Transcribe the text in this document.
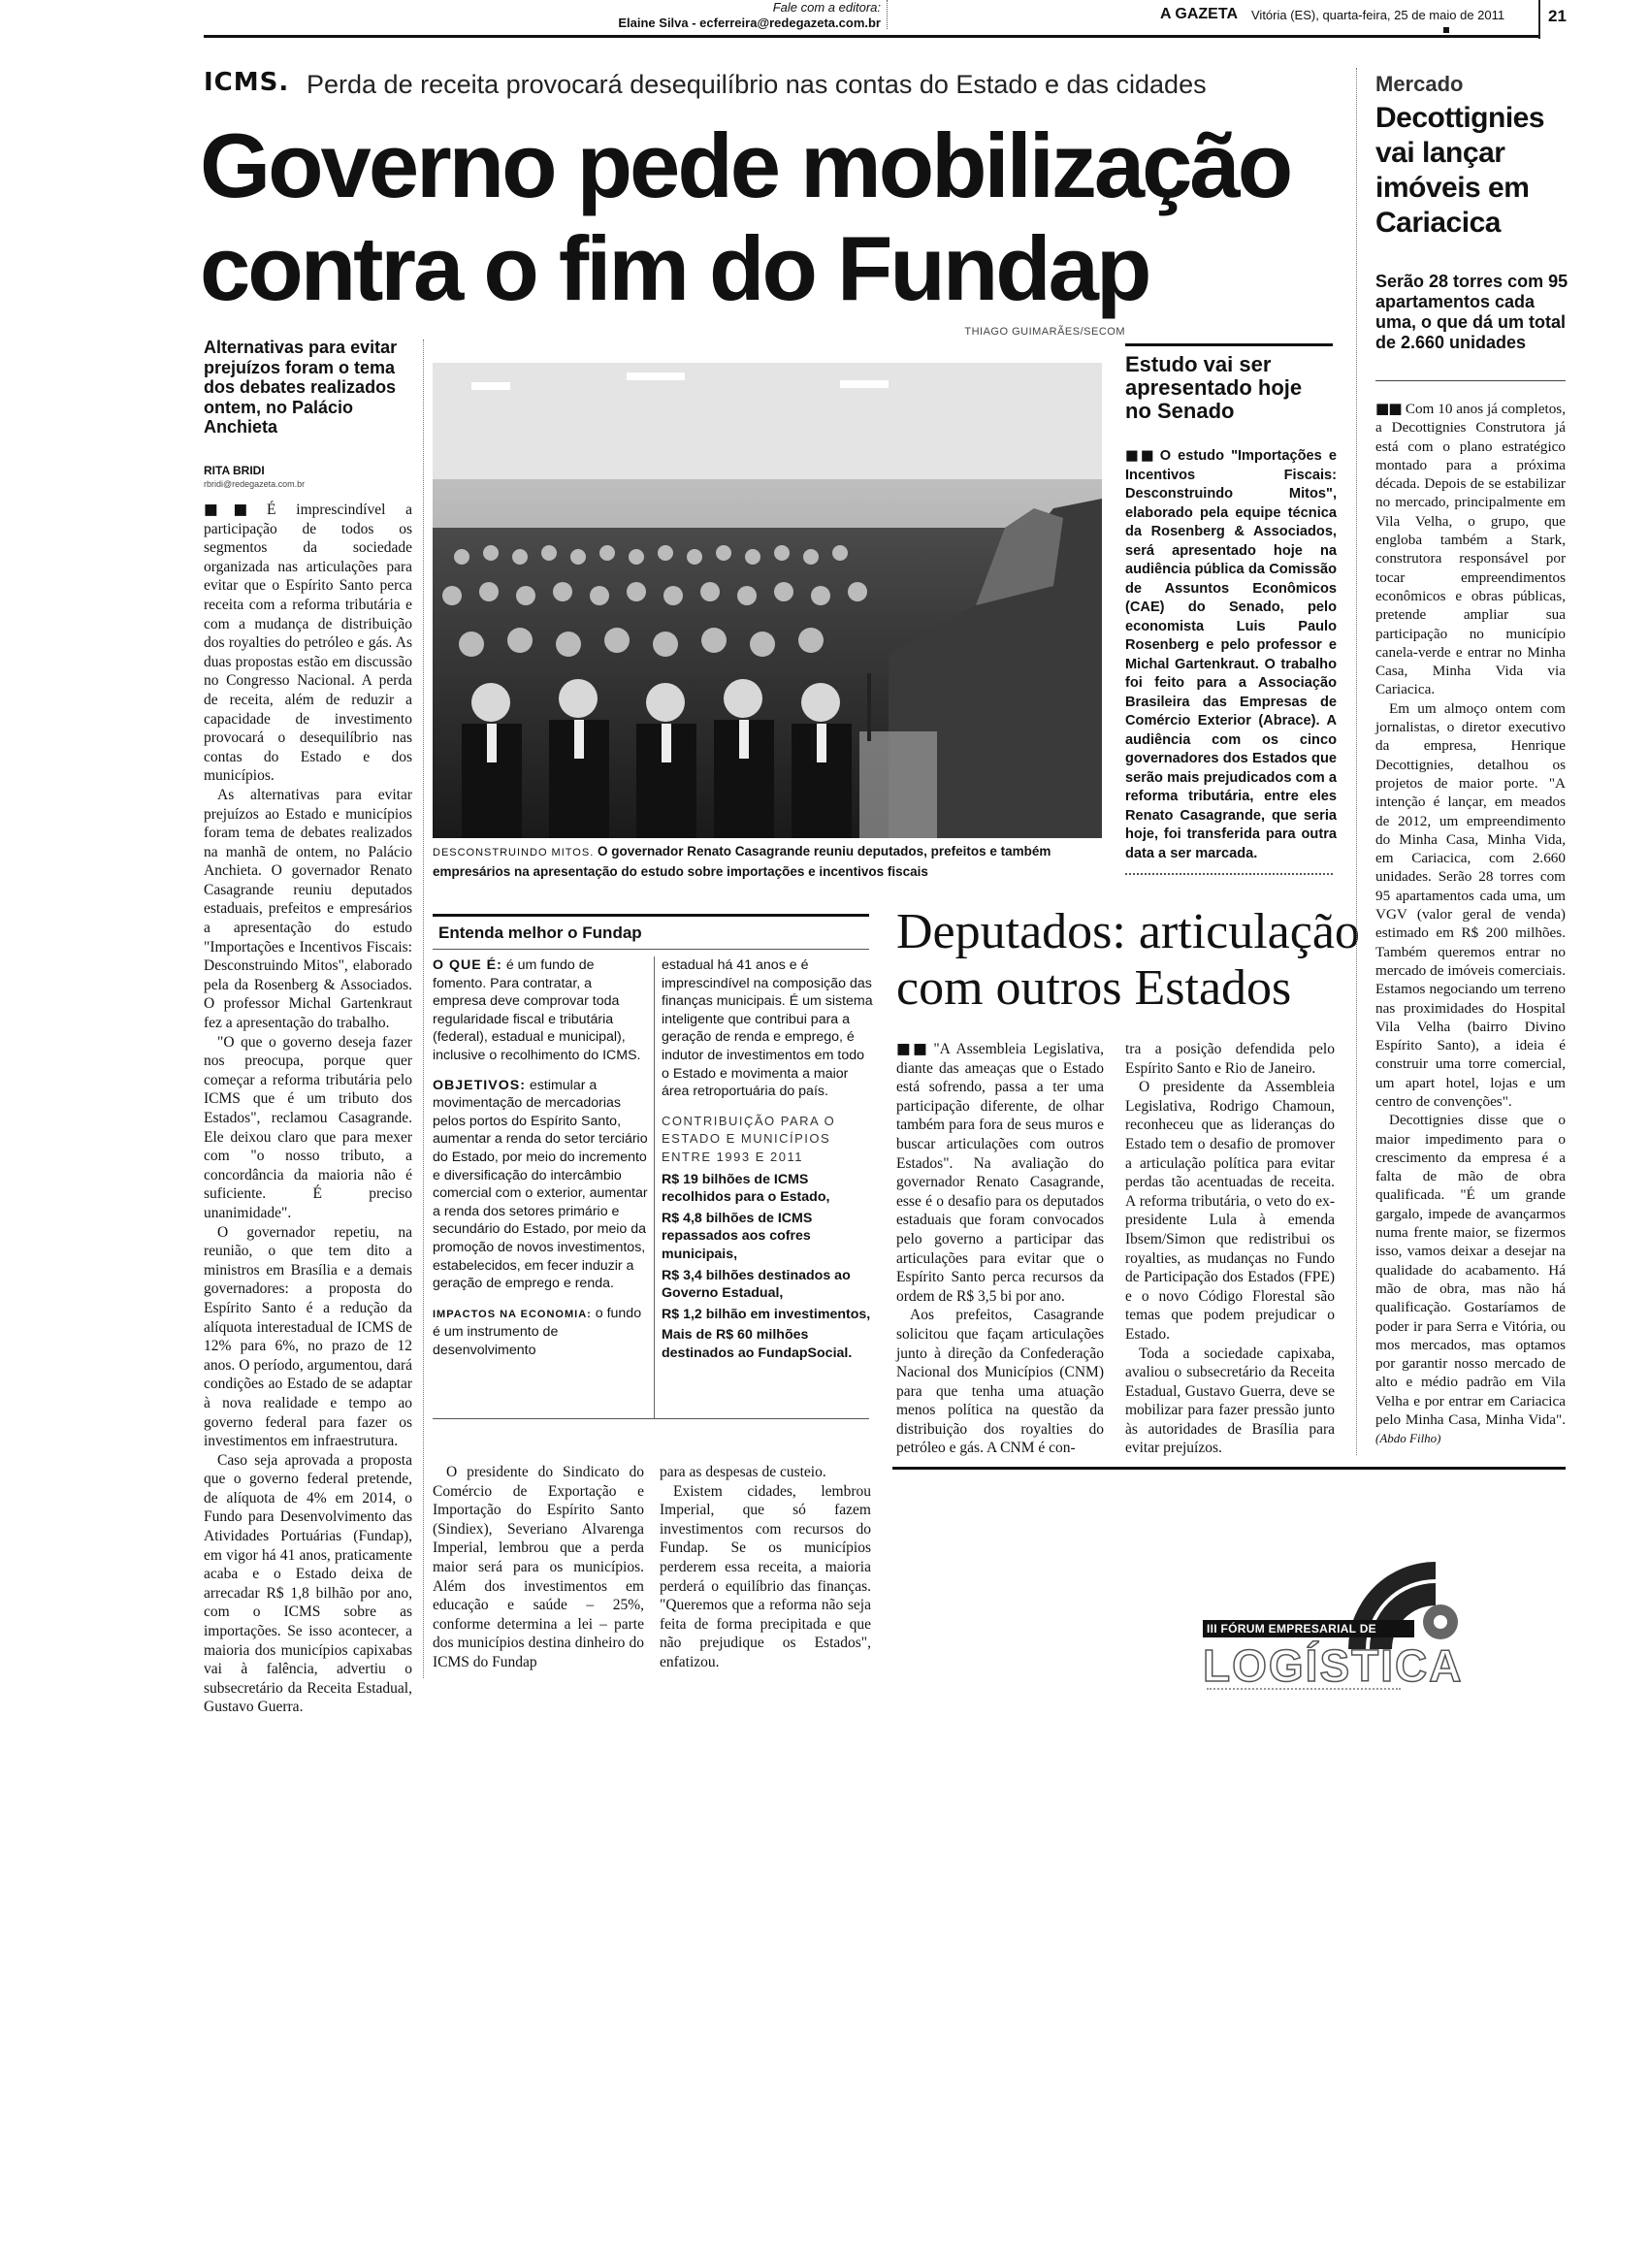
Fale com a editora:
Elaine Silva - ecferreira@redegazeta.com.br
A GAZETA Vitória (ES), quarta-feira, 25 de maio de 2011	21
ICMS. Perda de receita provocará desequilíbrio nas contas do Estado e das cidades
Governo pede mobilização
contra o fim do Fundap
Alternativas para evitar prejuízos foram o tema dos debates realizados ontem, no Palácio Anchieta
RITA BRIDI
rbridi@redegazeta.com.br

■■ É imprescindível a participação de todos os segmentos da sociedade organizada nas articulações para evitar que o Espírito Santo perca receita com a reforma tributária e com a mudança de distribuição dos royalties do petróleo e gás. As duas propostas estão em discussão no Congresso Nacional. A perda de receita, além de reduzir a capacidade de investimento provocará o desequilíbrio nas contas do Estado e dos municípios.

As alternativas para evitar prejuízos ao Estado e municípios foram tema de debates realizados na manhã de ontem, no Palácio Anchieta. O governador Renato Casagrande reuniu deputados estaduais, prefeitos e empresários a apresentação do estudo "Importações e Incentivos Fiscais: Desconstruindo Mitos", elaborado pela da Rosenberg & Associados. O professor Michal Gartenkraut fez a apresentação do trabalho.

"O que o governo deseja fazer nos preocupa, porque quer começar a reforma tributária pelo ICMS que é um tributo dos Estados", reclamou Casagrande. Ele deixou claro que para mexer com "o nosso tributo, a concordância da maioria não é suficiente. É preciso unanimidade".

O governador repetiu, na reunião, o que tem dito a ministros em Brasília e a demais governadores: a proposta do Espírito Santo é a redução da alíquota interestadual de ICMS de 12% para 6%, no prazo de 12 anos. O período, argumentou, dará condições ao Estado de se adaptar à nova realidade e tempo ao governo federal para fazer os investimentos em infraestrutura.

Caso seja aprovada a proposta que o governo federal pretende, de alíquota de 4% em 2014, o Fundo para Desenvolvimento das Atividades Portuárias (Fundap), em vigor há 41 anos, praticamente acaba e o Estado deixa de arrecadar R$ 1,8 bilhão por ano, com o ICMS sobre as importações. Se isso acontecer, a maioria dos municípios capixabas vai à falência, advertiu o subsecretário da Receita Estadual, Gustavo Guerra.

THIAGO GUIMARÃES/SECOM
DESCONSTRUINDO MITOS. O governador Renato Casagrande reuniu deputados, prefeitos e também empresários na apresentação do estudo sobre importações e incentivos fiscais
Estudo vai ser apresentado hoje no Senado
■■ O estudo "Importações e Incentivos Fiscais: Desconstruindo Mitos", elaborado pela equipe técnica da Rosenberg & Associados, será apresentado hoje na audiência pública da Comissão de Assuntos Econômicos (CAE) do Senado, pelo economista Luis Paulo Rosenberg e pelo professor e Michal Gartenkraut. O trabalho foi feito para a Associação Brasileira das Empresas de Comércio Exterior (Abrace). A audiência com os cinco governadores dos Estados que serão mais prejudicados com a reforma tributária, entre eles Renato Casagrande, que seria hoje, foi transferida para outra data a ser marcada.
Entenda melhor o Fundap

O QUE É: é um fundo de fomento. Para contratar, a empresa deve comprovar toda regularidade fiscal e tributária (federal), estadual e municipal), inclusive o recolhimento do ICMS.

OBJETIVOS: estimular a movimentação de mercadorias pelos portos do Espírito Santo, aumentar a renda do setor terciário do Estado, por meio do incremento e diversificação do intercâmbio comercial com o exterior, aumentar a renda dos setores primário e secundário do Estado, por meio da promoção de novos investimentos, estabelecidos, em fecer induzir a geração de emprego e renda.

IMPACTOS NA ECONOMIA: o fundo é um instrumento de desenvolvimento

estadual há 41 anos e é imprescindível na composição das finanças municipais. É um sistema inteligente que contribui para a geração de renda e emprego, é indutor de investimentos em todo o Estado e movimenta a maior área retroportuária do país.

CONTRIBUIÇÃO PARA O ESTADO E MUNICÍPIOS ENTRE 1993 E 2011
R$ 19 bilhões de ICMS recolhidos para o Estado,
R$ 4,8 bilhões de ICMS repassados aos cofres municipais,
R$ 3,4 bilhões destinados ao Governo Estadual,
R$ 1,2 bilhão em investimentos,
Mais de R$ 60 milhões destinados ao FundapSocial.

O presidente do Sindicato do Comércio de Exportação e Importação do Espírito Santo (Sindiex), Severiano Alvarenga Imperial, lembrou que a perda maior será para os municípios. Além dos investimentos em educação e saúde – 25%, conforme determina a lei – parte dos municípios destina dinheiro do ICMS do Fundap

para as despesas de custeio.

Existem cidades, lembrou Imperial, que só fazem investimentos com recursos do Fundap. Se os municípios perderem essa receita, a maioria perderá o equilíbrio das finanças. "Queremos que a reforma não seja feita de forma precipitada e que não prejudique os Estados", enfatizou.

Deputados: articulação
com outros Estados

■■ "A Assembleia Legislativa, diante das ameaças que o Estado está sofrendo, passa a ter uma participação diferente, de olhar também para fora de seus muros e buscar articulações com outros Estados". Na avaliação do governador Renato Casagrande, esse é o desafio para os deputados estaduais que foram convocados pelo governo a participar das articulações para evitar que o Espírito Santo perca recursos da ordem de R$ 3,5 bi por ano.

Aos prefeitos, Casagrande solicitou que façam articulações junto à direção da Confederação Nacional dos Municípios (CNM) para que tenha uma atuação menos política na questão da distribuição dos royalties do petróleo e gás. A CNM é con-

tra a posição defendida pelo Espírito Santo e Rio de Janeiro.

O presidente da Assembleia Legislativa, Rodrigo Chamoun, reconheceu que as lideranças do Estado tem o desafio de promover a articulação política para evitar perdas tão acentuadas de receita. A reforma tributária, o veto do ex-presidente Lula à emenda Ibsem/Simon que redistribui os royalties, as mudanças no Fundo de Participação dos Estados (FPE) e o novo Código Florestal são temas que podem prejudicar o Estado.

Toda a sociedade capixaba, avaliou o subsecretário da Receita Estadual, Gustavo Guerra, deve se mobilizar para fazer pressão junto às autoridades de Brasília para evitar prejuízos.

Mercado
Decottignies vai lançar imóveis em Cariacica
Serão 28 torres com 95 apartamentos cada uma, o que dá um total de 2.660 unidades

■■ Com 10 anos já completos, a Decottignies Construtora já está com o plano estratégico montado para a próxima década. Depois de se estabilizar no mercado, principalmente em Vila Velha, o grupo, que engloba também a Stark, construtora responsável por tocar empreendimentos econômicos e obras públicas, pretende ampliar sua participação no município canela-verde e entrar no Minha Casa, Minha Vida via Cariacica.

Em um almoço ontem com jornalistas, o diretor executivo da empresa, Henrique Decottignies, detalhou os projetos de maior porte. "A intenção é lançar, em meados de 2012, um empreendimento do Minha Casa, Minha Vida, em Cariacica, com 2.660 unidades. Serão 28 torres com 95 apartamentos cada uma, um VGV (valor geral de venda) estimado em R$ 200 milhões. Também queremos entrar no mercado de imóveis comerciais. Estamos negociando um terreno nas proximidades do Hospital Vila Velha (bairro Divino Espírito Santo), a ideia é construir uma torre comercial, um apart hotel, lojas e um centro de convenções".

Decottignies disse que o maior impedimento para o crescimento da empresa é a falta de mão de obra qualificada. "É um grande gargalo, impede de avançarmos numa frente maior, se fizermos isso, vamos deixar a desejar na qualidade do acabamento. Há mão de obra, mas não há qualificação. Gostaríamos de poder ir para Serra e Vitória, ou mos mercados, mas optamos por garantir nosso mercado de alto e médio padrão em Vila Velha e por entrar em Cariacica pelo Minha Casa, Minha Vida". (Abdo Filho)

III FÓRUM EMPRESARIAL DE
LOGÍSTICA
